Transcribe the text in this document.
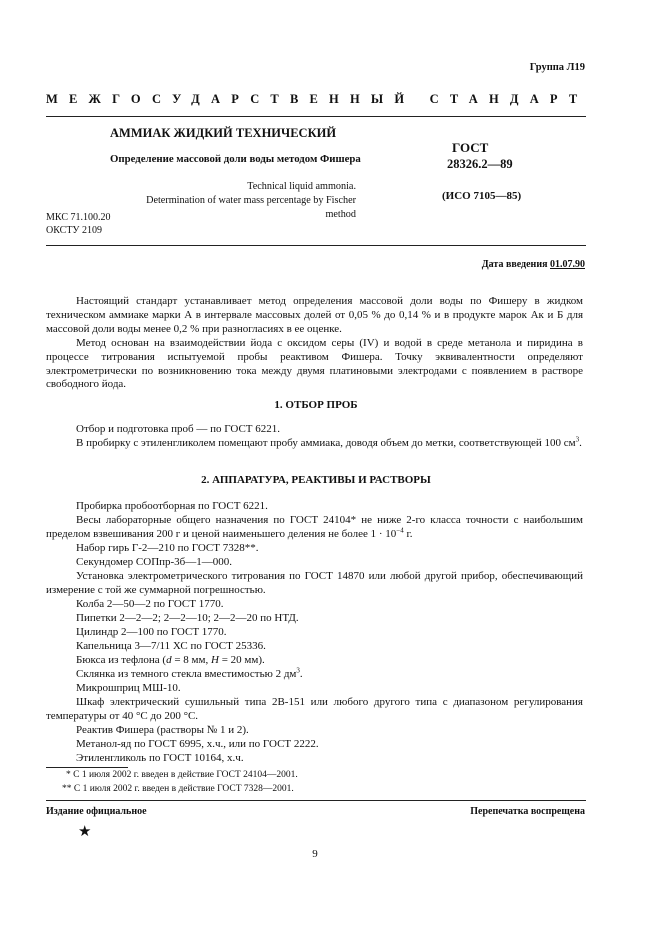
Группа Л19
МЕЖГОСУДАРСТВЕННЫЙ СТАНДАРТ
АММИАК ЖИДКИЙ ТЕХНИЧЕСКИЙ
Определение массовой доли воды методом Фишера
Technical liquid ammonia.
Determination of water mass percentage by Fischer method
ГОСТ
28326.2—89
(ИСО 7105—85)
МКС 71.100.20
ОКСТУ 2109
Дата введения 01.07.90
Настоящий стандарт устанавливает метод определения массовой доли воды по Фишеру в жидком техническом аммиаке марки А в интервале массовых долей от 0,05 % до 0,14 % и в продукте марок Ак и Б для массовой доли воды менее 0,2 % при разногласиях в ее оценке.
Метод основан на взаимодействии йода с оксидом серы (IV) и водой в среде метанола и пиридина в процессе титрования испытуемой пробы реактивом Фишера. Точку эквивалентности определяют электрометрически по возникновению тока между двумя платиновыми электродами с появлением в растворе свободного йода.
1. ОТБОР ПРОБ
Отбор и подготовка проб — по ГОСТ 6221.
В пробирку с этиленгликолем помещают пробу аммиака, доводя объем до метки, соответствующей 100 $см^3$.
2. АППАРАТУРА, РЕАКТИВЫ И РАСТВОРЫ
Пробирка пробоотборная по ГОСТ 6221.
Весы лабораторные общего назначения по ГОСТ 24104* не ниже 2-го класса точности с наибольшим пределом взвешивания 200 г и ценой наименьшего деления не более $1 \cdot 10^{-4}$ г.
Набор гирь Г-2—210 по ГОСТ 7328**.
Секундомер СОПпр-3б—1—000.
Установка электрометрического титрования по ГОСТ 14870 или любой другой прибор, обеспечивающий измерение с той же суммарной погрешностью.
Колба 2—50—2 по ГОСТ 1770.
Пипетки 2—2—2; 2—2—10; 2—2—20 по НТД.
Цилиндр 2—100 по ГОСТ 1770.
Капельница 3—7/11 ХС по ГОСТ 25336.
Бюкса из тефлона (d = 8 мм, H = 20 мм).
Склянка из темного стекла вместимостью 2 $дм^3$.
Микрошприц МШ-10.
Шкаф электрический сушильный типа 2В-151 или любого другого типа с диапазоном регулирования температуры от 40 °С до 200 °С.
Реактив Фишера (растворы № 1 и 2).
Метанол-яд по ГОСТ 6995, х.ч., или по ГОСТ 2222.
Этиленгликоль по ГОСТ 10164, х.ч.
* С 1 июля 2002 г. введен в действие ГОСТ 24104—2001.
** С 1 июля 2002 г. введен в действие ГОСТ 7328—2001.
Издание официальное	Перепечатка воспрещена
★
9
